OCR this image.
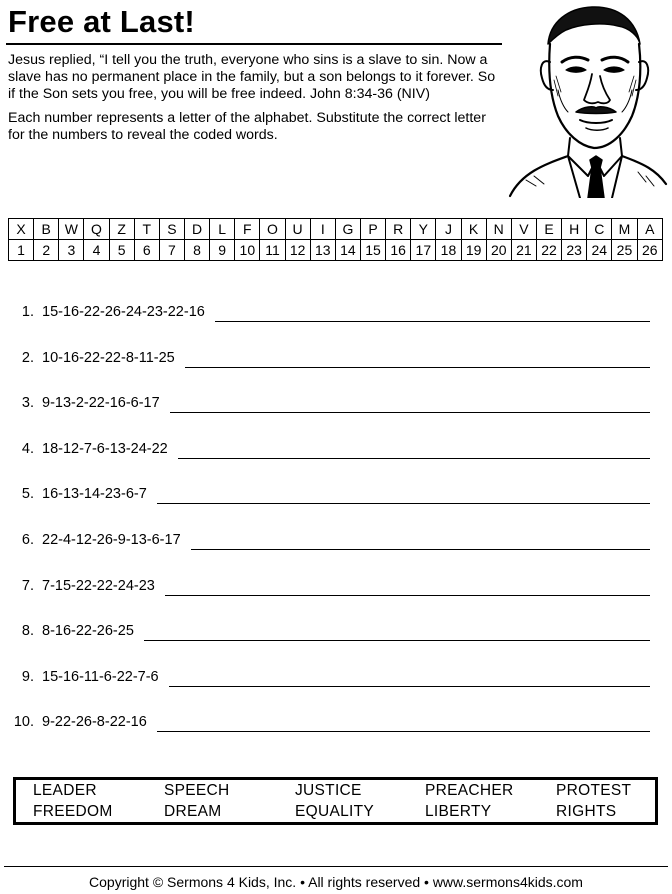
Free at Last!

Jesus replied, “I tell you the truth, everyone who sins is a slave to sin. Now a slave has no permanent place in the family, but a son belongs to it forever. So if the Son sets you free, you will be free indeed. John 8:34-36 (NIV)

Each number represents a letter of the alphabet. Substitute the correct letter for the numbers to reveal the coded words.

X	B	W	Q	Z	T	S	D	L	F	O	U	I	G	P	R	Y	J	K	N	V	E	H	C	M	A
1	2	3	4	5	6	7	8	9	10	11	12	13	14	15	16	17	18	19	20	21	22	23	24	25	26
1. 15-16-22-26-24-23-22-16
2. 10-16-22-22-8-11-25
3. 9-13-2-22-16-6-17
4. 18-12-7-6-13-24-22
5. 16-13-14-23-6-7
6. 22-4-12-26-9-13-6-17
7. 7-15-22-22-24-23
8. 8-16-22-26-25
9. 15-16-11-6-22-7-6
10. 9-22-26-8-22-16
LEADER	SPEECH	JUSTICE	PREACHER	PROTEST
FREEDOM	DREAM	EQUALITY	LIBERTY	RIGHTS
Copyright © Sermons 4 Kids, Inc. • All rights reserved • www.sermons4kids.com
